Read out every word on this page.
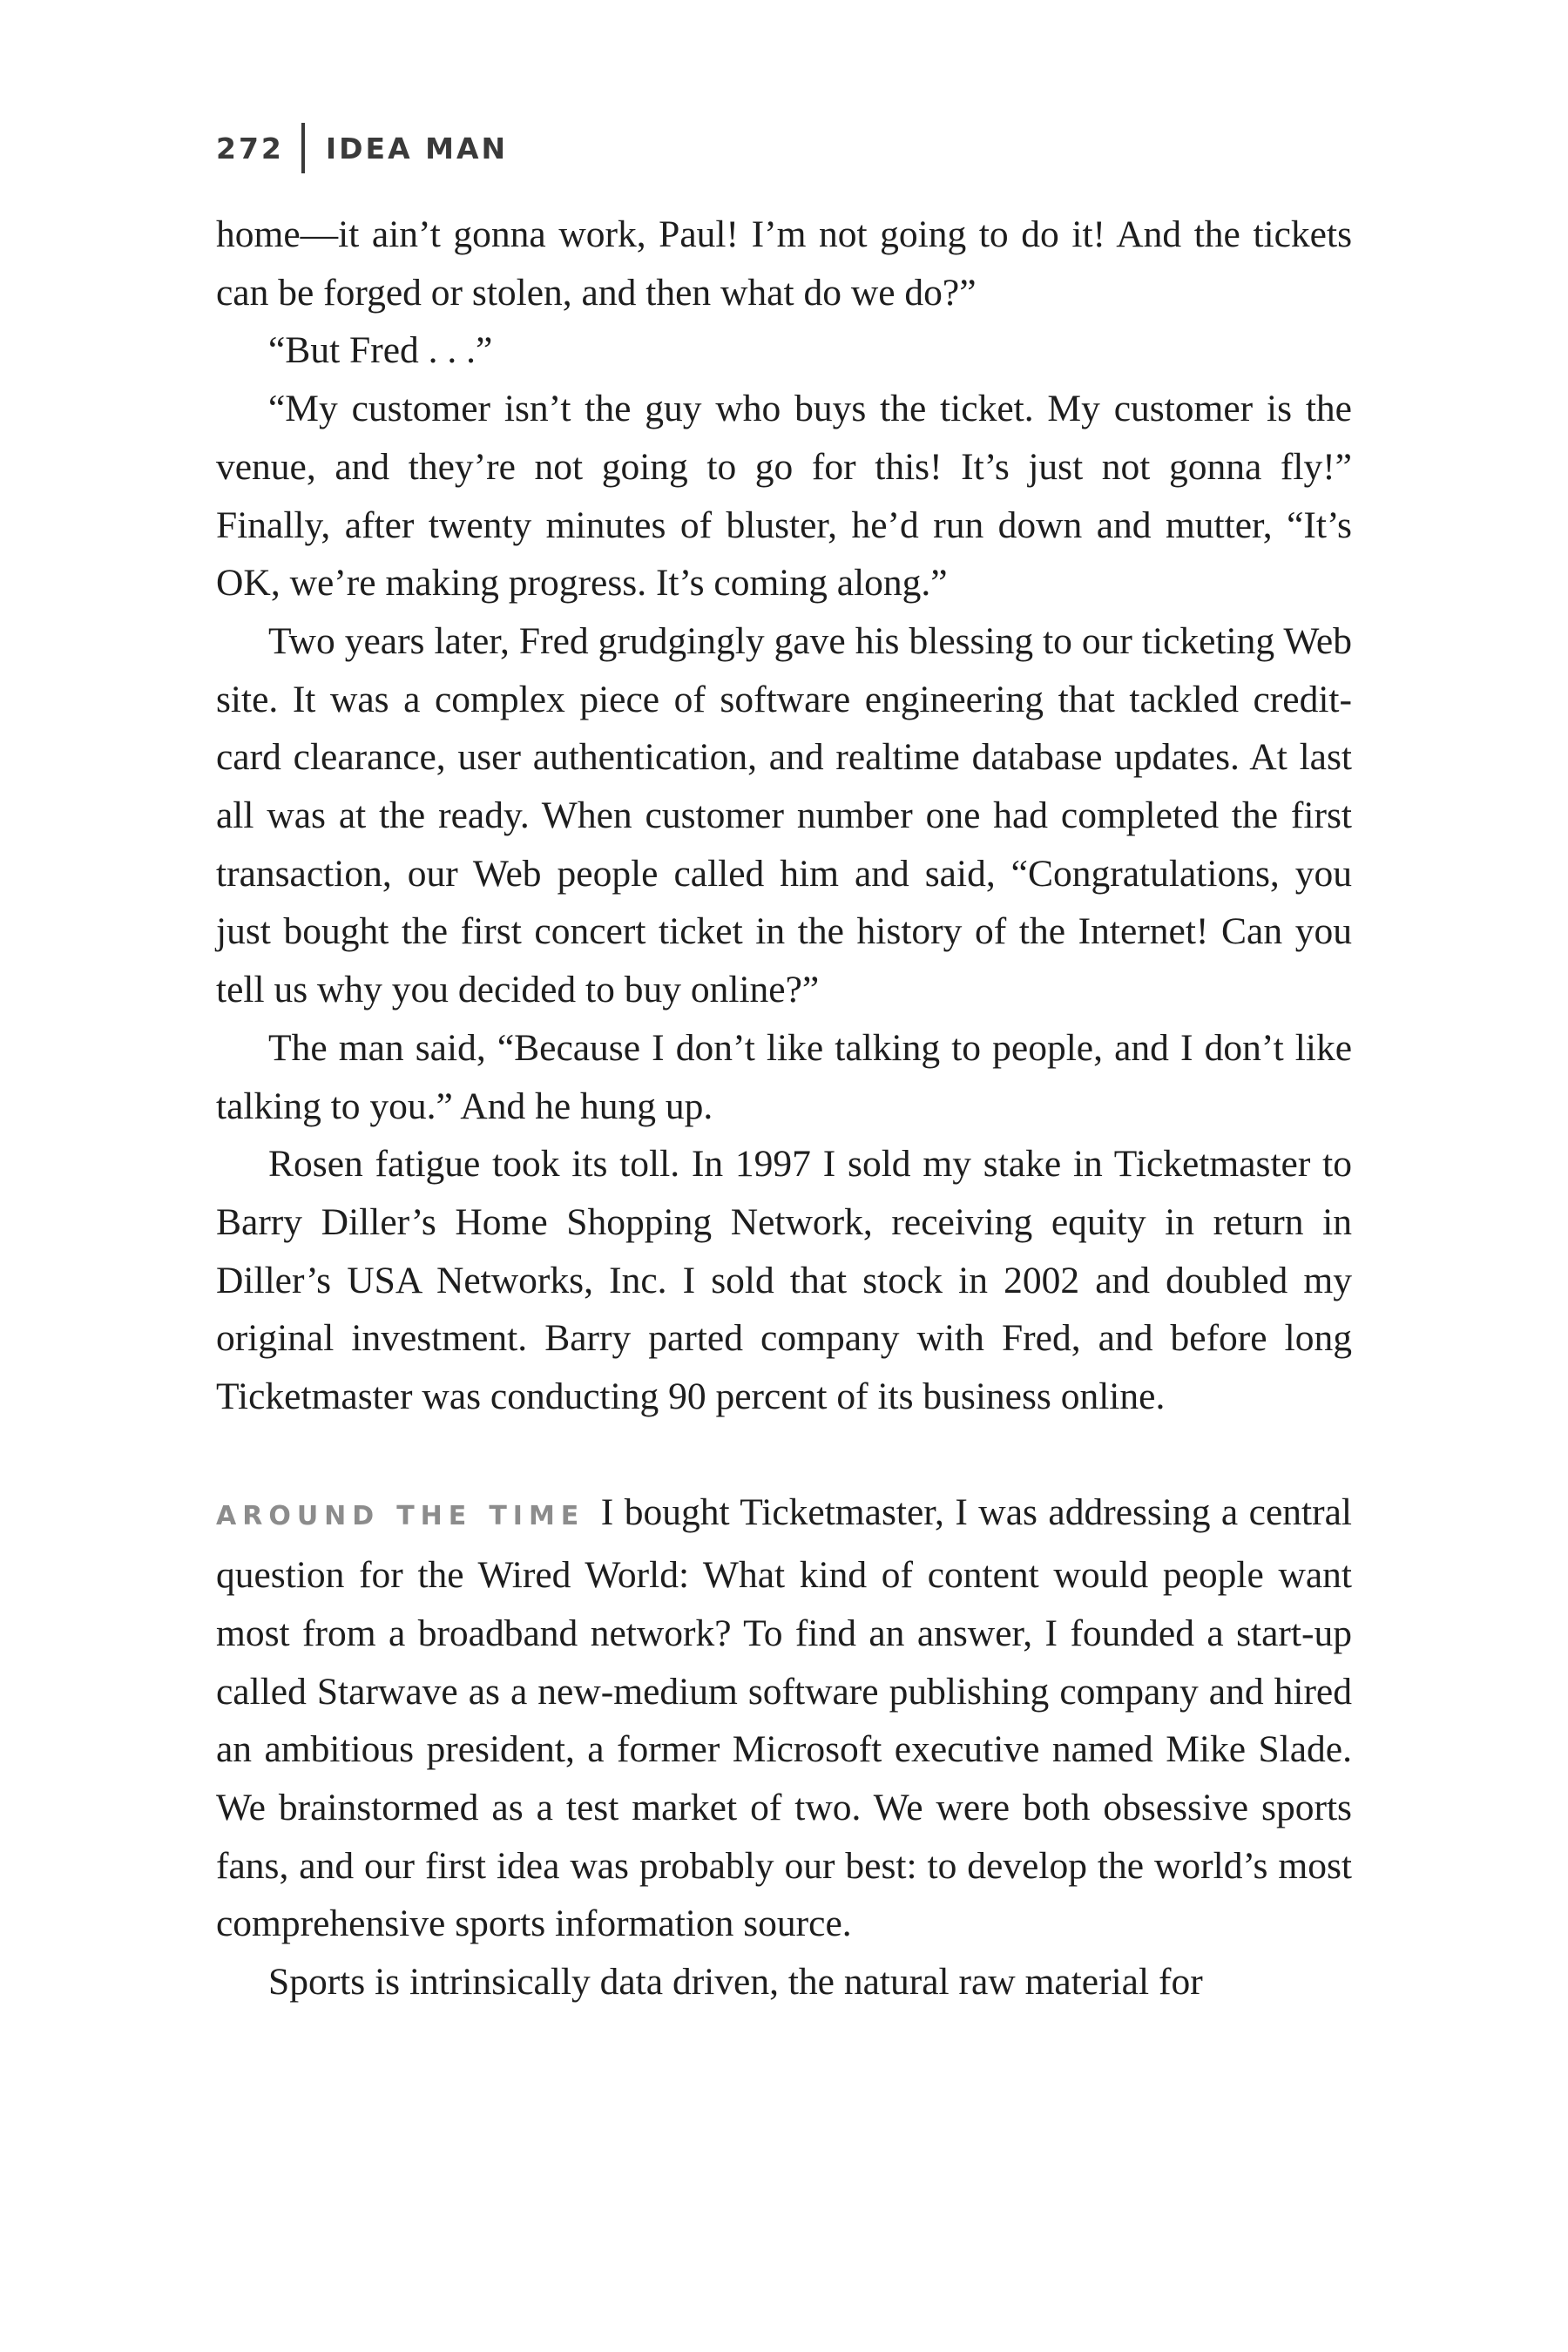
272 IDEA MAN

home—it ain’t gonna work, Paul! I’m not going to do it! And the tickets can be forged or stolen, and then what do we do?”

“But Fred . . .”

“My customer isn’t the guy who buys the ticket. My customer is the venue, and they’re not going to go for this! It’s just not gonna fly!” Finally, after twenty minutes of bluster, he’d run down and mutter, “It’s OK, we’re making progress. It’s coming along.”

Two years later, Fred grudgingly gave his blessing to our ticketing Web site. It was a complex piece of software engineering that tackled credit-card clearance, user authentication, and realtime database updates. At last all was at the ready. When customer number one had completed the first transaction, our Web people called him and said, “Congratulations, you just bought the first concert ticket in the history of the Internet! Can you tell us why you decided to buy online?”

The man said, “Because I don’t like talking to people, and I don’t like talking to you.” And he hung up.

Rosen fatigue took its toll. In 1997 I sold my stake in Ticketmaster to Barry Diller’s Home Shopping Network, receiving equity in return in Diller’s USA Networks, Inc. I sold that stock in 2002 and doubled my original investment. Barry parted company with Fred, and before long Ticketmaster was conducting 90 percent of its business online.

AROUND THE TIME I bought Ticketmaster, I was addressing a central question for the Wired World: What kind of content would people want most from a broadband network? To find an answer, I founded a start-up called Starwave as a new-medium software publishing company and hired an ambitious president, a former Microsoft executive named Mike Slade. We brainstormed as a test market of two. We were both obsessive sports fans, and our first idea was probably our best: to develop the world’s most comprehensive sports information source.

Sports is intrinsically data driven, the natural raw material for
